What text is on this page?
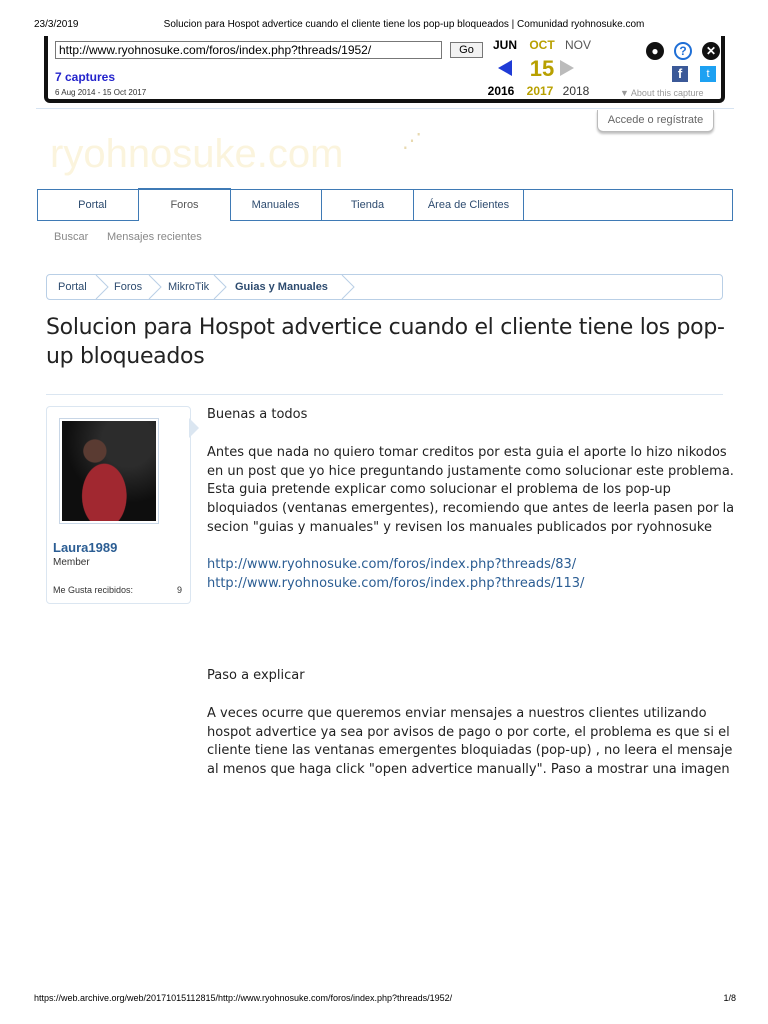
23/3/2019	Solucion para Hospot advertice cuando el cliente tiene los pop-up bloqueados | Comunidad ryohnosuke.com
http://www.ryohnosuke.com/foros/index.php?threads/1952/	Go
7 captures
6 Aug 2014 - 15 Oct 2017
JUN	OCT NOV
15
2016	2017 2018
●	?	✕
f	t
▼ About this capture
Accede o regístrate
ryohnosuke.com	⋰
Portal	Foros	Manuales	Tienda	Área de Clientes
Buscar Mensajes recientes
Portal Foros MikroTik Guias y Manuales
Solucion para Hospot advertice cuando el cliente tiene los pop-up bloqueados
Laura1989
Member
Me Gusta recibidos:	9
Buenas a todos
Antes que nada no quiero tomar creditos por esta guia el aporte lo hizo nikodos en un post que yo hice preguntando justamente como solucionar este problema. Esta guia pretende explicar como solucionar el problema de los pop-up bloquiados (ventanas emergentes), recomiendo que antes de leerla pasen por la secion "guias y manuales" y revisen los manuales publicados por ryohnosuke
http://www.ryohnosuke.com/foros/index.php?threads/83/
http://www.ryohnosuke.com/foros/index.php?threads/113/
Paso a explicar
A veces ocurre que queremos enviar mensajes a nuestros clientes utilizando hospot advertice ya sea por avisos de pago o por corte, el problema es que si el cliente tiene las ventanas emergentes bloquiadas (pop-up) , no leera el mensaje al menos que haga click "open advertice manually". Paso a mostrar una imagen
https://web.archive.org/web/20171015112815/http://www.ryohnosuke.com/foros/index.php?threads/1952/	1/8
